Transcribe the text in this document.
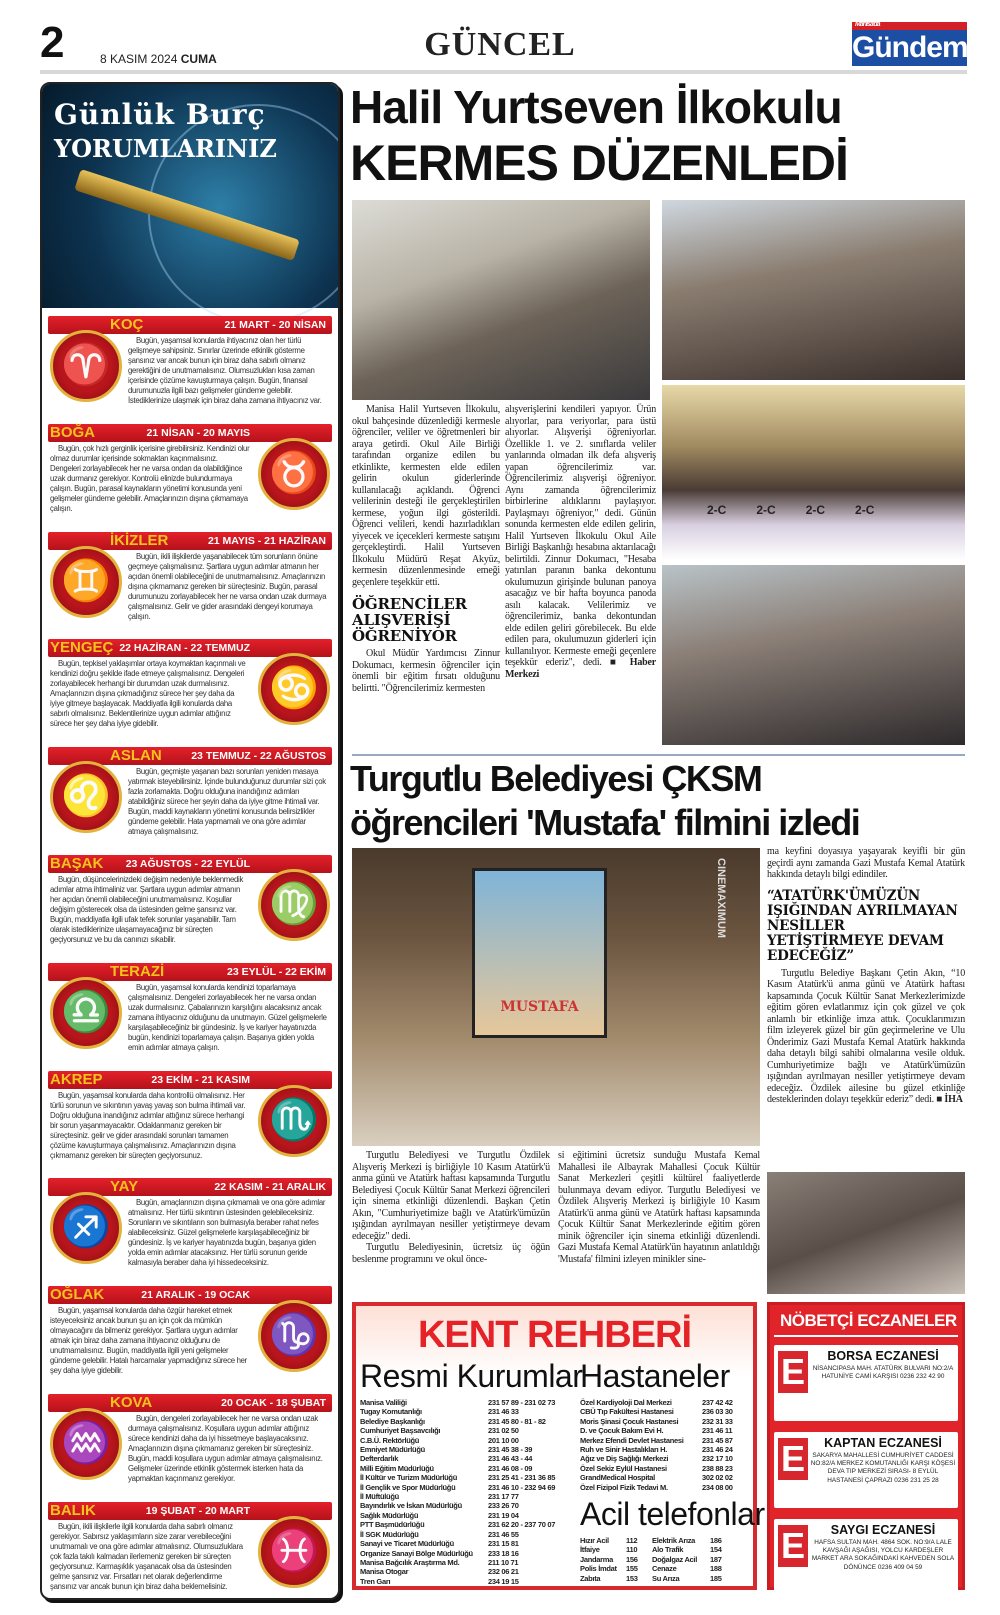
2	8 KASIM 2024 CUMA	GÜNCEL
Manisa'da
Gündem
Günlük Burç
YORUMLARINIZ
KOÇ	21 MART - 20 NİSAN
♈
Bugün, yaşamsal konularda ihtiyacınız olan her türlü gelişmeye sahipsiniz. Sınırlar üzerinde etkinlik gösterme şansınız var ancak bunun için biraz daha sabırlı olmanız gerektiğini de unutmamalısınız. Olumsuzlukları kısa zaman içerisinde çözüme kavuşturmaya çalışın. Bugün, finansal durumunuzla ilgili bazı gelişmeler gündeme gelebilir. İstediklerinize ulaşmak için biraz daha zamana ihtiyacınız var.
BOĞA	21 NİSAN - 20 MAYIS
♉
Bugün, çok hızlı gerginlik içerisine girebilirsiniz. Kendinizi olur olmaz durumlar içerisinde sokmaktan kaçınmalısınız. Dengeleri zorlayabilecek her ne varsa ondan da olabildiğince uzak durmanız gerekiyor. Kontrolü elinizde bulundurmaya çalışın. Bugün, parasal kaynakların yönetimi konusunda yeni gelişmeler gündeme gelebilir. Amaçlarınızın dışına çıkmamaya çalışın.
İKİZLER	21 MAYIS - 21 HAZİRAN
♊
Bugün, ikili ilişkilerde yaşanabilecek tüm sorunların önüne geçmeye çalışmalısınız. Şartlara uygun adımlar atmanın her açıdan önemli olabileceğini de unutmamalısınız. Amaçlarınızın dışına çıkmamanız gereken bir süreçtesiniz. Bugün, parasal durumunuzu zorlayabilecek her ne varsa ondan uzak durmaya çalışmalısınız. Gelir ve gider arasındaki dengeyi korumaya çalışın.
YENGEÇ 22 HAZİRAN - 22 TEMMUZ
♋
Bugün, tepkisel yaklaşımlar ortaya koymaktan kaçınmalı ve kendinizi doğru şekilde ifade etmeye çalışmalısınız. Dengeleri zorlayabilecek herhangi bir durumdan uzak durmalısınız. Amaçlarınızın dışına çıkmadığınız sürece her şey daha da iyiye gitmeye başlayacak. Maddiyatla ilgili konularda daha sabırlı olmalısınız. Beklentilerinize uygun adımlar attığınız sürece her şey daha iyiye gidebilir.
ASLAN	23 TEMMUZ - 22 AĞUSTOS
♌
Bugün, geçmişte yaşanan bazı sorunları yeniden masaya yatırmak isteyebilirsiniz. İçinde bulunduğunuz durumlar sizi çok fazla zorlamakta. Doğru olduğuna inandığınız adımları atabildiğiniz sürece her şeyin daha da iyiye gitme ihtimali var. Bugün, maddi kaynakların yönetimi konusunda belirsizlikler gündeme gelebilir. Hata yapmamalı ve ona göre adımlar atmaya çalışmalısınız.
BAŞAK 23 AĞUSTOS - 22 EYLÜL
♍
Bugün, düşüncelerinizdeki değişim nedeniyle beklenmedik adımlar atma ihtimaliniz var. Şartlara uygun adımlar atmanın her açıdan önemli olabileceğini unutmamalısınız. Koşullar değişim gösterecek olsa da üstesinden gelme şansınız var. Bugün, maddiyatla ilgili ufak tefek sorunlar yaşanabilir. Tam olarak istediklerinize ulaşamayacağınız bir süreçten geçiyorsunuz ve bu da canınızı sıkabilir.
TERAZİ	23 EYLÜL - 22 EKİM
♎
Bugün, yaşamsal konularda kendinizi toparlamaya çalışmalısınız. Dengeleri zorlayabilecek her ne varsa ondan uzak durmalısınız. Çabalarınızın karşılığını alacaksınız ancak zamana ihtiyacınız olduğunu da unutmayın. Güzel gelişmelerle karşılaşabileceğiniz bir gündesiniz. İş ve kariyer hayatınızda bugün, kendinizi toparlamaya çalışın. Başarıya giden yolda emin adımlar atmaya çalışın.
AKREP	23 EKİM - 21 KASIM
♏
Bugün, yaşamsal konularda daha kontrollü olmalısınız. Her türlü sorunun ve sıkıntının yavaş yavaş son bulma ihtimali var. Doğru olduğuna inandığınız adımlar attığınız sürece herhangi bir sorun yaşanmayacaktır. Odaklanmanız gereken bir süreçtesiniz. gelir ve gider arasındaki sorunları tamamen çözüme kavuşturmaya çalışmalısınız. Amaçlarınızın dışına çıkmamanız gereken bir süreçten geçiyorsunuz.
YAY	22 KASIM - 21 ARALIK
♐
Bugün, amaçlarınızın dışına çıkmamalı ve ona göre adımlar atmalısınız. Her türlü sıkıntının üstesinden gelebileceksiniz. Sorunların ve sıkıntıların son bulmasıyla beraber rahat nefes alabileceksiniz. Güzel gelişmelerle karşılaşabileceğiniz bir gündesiniz. İş ve kariyer hayatınızda bugün, başarıya giden yolda emin adımlar atacaksınız. Her türlü sorunun geride kalmasıyla beraber daha iyi hissedeceksiniz.
OĞLAK	21 ARALIK - 19 OCAK
♑
Bugün, yaşamsal konularda daha özgür hareket etmek isteyeceksiniz ancak bunun şu an için çok da mümkün olmayacağını da bilmeniz gerekiyor. Şartlara uygun adımlar atmak için biraz daha zamana ihtiyacınız olduğunu de unutmamalısınız. Bugün, maddiyatla ilgili yeni gelişmeler gündeme gelebilir. Hatalı harcamalar yapmadığınız sürece her şey daha iyiye gidebilir.
KOVA	20 OCAK - 18 ŞUBAT
♒
Bugün, dengeleri zorlayabilecek her ne varsa ondan uzak durmaya çalışmalısınız. Koşullara uygun adımlar attığınız sürece kendinizi daha da iyi hissetmeye başlayacaksınız. Amaçlarınızın dışına çıkmamanız gereken bir süreçtesiniz. Bugün, maddi koşullara uygun adımlar atmaya çalışmalısınız. Gelişmeler üzerinde etkinlik göstermek isterken hata da yapmaktan kaçınmanız gerekiyor.
BALIK	19 ŞUBAT - 20 MART
♓
Bugün, ikili ilişkilerle ilgili konularda daha sabırlı olmanız gerekiyor. Sabırsız yaklaşımların size zarar verebileceğini unutmamalı ve ona göre adımlar atmalısınız. Olumsuzluklara çok fazla takılı kalmadan ilerlemeniz gereken bir süreçten geçiyorsunuz. Karmaşıklık yaşanacak olsa da üstesinden gelme şansınız var. Fırsatları net olarak değerlendirme şansınız var ancak bunun için biraz daha beklemelisiniz.
Halil Yurtseven İlkokulu
KERMES DÜZENLEDİ
2-C	2-C	2-C	2-C

Manisa Halil Yurtseven İlkokulu, okul bahçesinde düzenlediği kermesle öğrenciler, veliler ve öğretmenleri bir araya getirdi. Okul Aile Birliği tarafından organize edilen bu etkinlikte, kermesten elde edilen gelirin okulun giderlerinde kullanılacağı açıklandı. Öğrenci velilerinin desteği ile gerçekleştirilen kermese, yoğun ilgi gösterildi. Öğrenci velileri, kendi hazırladıkları yiyecek ve içecekleri kermeste satışını gerçekleştirdi. Halil Yurtseven İlkokulu Müdürü Reşat Akyüz, kermesin düzenlenmesinde emeği geçenlere teşekkür etti.

ÖĞRENCİLER ALIŞVERİŞİ ÖĞRENİYOR

Okul Müdür Yardımcısı Zinnur Dokumacı, kermesin öğrenciler için önemli bir eğitim fırsatı olduğunu belirtti. "Öğrencilerimiz kermesten

alışverişlerini kendileri yapıyor. Ürün alıyorlar, para veriyorlar, para üstü alıyorlar. Alışverişi öğreniyorlar. Özellikle 1. ve 2. sınıflarda veliler yanlarında olmadan ilk defa alışveriş yapan öğrencilerimiz var. Öğrencilerimiz alışverişi öğreniyor. Aynı zamanda öğrencilerimiz birbirlerine aldıklarını paylaşıyor. Paylaşmayı öğreniyor," dedi. Günün sonunda kermesten elde edilen gelirin, Halil Yurtseven İlkokulu Okul Aile Birliği Başkanlığı hesabına aktarılacağı belirtildi. Zinnur Dokumacı, "Hesaba yatırılan paranın banka dekontunu okulumuzun girişinde bulunan panoya asacağız ve bir hafta boyunca panoda asılı kalacak. Velilerimiz ve öğrencilerimiz, banka dekontundan elde edilen geliri görebilecek. Bu elde edilen para, okulumuzun giderleri için kullanılıyor. Kermeste emeği geçenlere teşekkür ederiz", dedi. ■ Haber Merkezi

Turgutlu Belediyesi ÇKSM
öğrencileri 'Mustafa' filmini izledi
MUSTAFA
CINEMAXIMUM

Turgutlu Belediyesi ve Turgutlu Özdilek Alışveriş Merkezi iş birliğiyle 10 Kasım Atatürk'ü anma günü ve Atatürk haftası kapsamında Turgutlu Belediyesi Çocuk Kültür Sanat Merkezi öğrencileri için sinema etkinliği düzenlendi. Başkan Çetin Akın, "Cumhuriyetimize bağlı ve Atatürk'ümüzün ışığından ayrılmayan nesiller yetiştirmeye devam edeceğiz" dedi.

Turgutlu Belediyesinin, ücretsiz üç öğün beslenme programını ve okul önce-

si eğitimini ücretsiz sunduğu Mustafa Kemal Mahallesi ile Albayrak Mahallesi Çocuk Kültür Sanat Merkezleri çeşitli kültürel faaliyetlerde bulunmaya devam ediyor. Turgutlu Belediyesi ve Özdilek Alışveriş Merkezi iş birliğiyle 10 Kasım Atatürk'ü anma günü ve Atatürk haftası kapsamında Çocuk Kültür Sanat Merkezlerinde eğitim gören minik öğrenciler için sinema etkinliği düzenlendi. Gazi Mustafa Kemal Atatürk'ün hayatının anlatıldığı 'Mustafa' filmini izleyen minikler sine-

ma keyfini doyasıya yaşayarak keyifli bir gün geçirdi aynı zamanda Gazi Mustafa Kemal Atatürk hakkında detaylı bilgi edindiler.

“ATATÜRK'ÜMÜZÜN IŞIĞINDAN AYRILMAYAN NESİLLER YETİŞTİRMEYE DEVAM EDECEĞİZ”

Turgutlu Belediye Başkanı Çetin Akın, “10 Kasım Atatürk'ü anma günü ve Atatürk haftası kapsamında Çocuk Kültür Sanat Merkezlerimizde eğitim gören evlatlarımız için çok güzel ve çok anlamlı bir etkinliğe imza attık. Çocuklarımızın film izleyerek güzel bir gün geçirmelerine ve Ulu Önderimiz Gazi Mustafa Kemal Atatürk hakkında daha detaylı bilgi sahibi olmalarına vesile olduk. Cumhuriyetimize bağlı ve Atatürk'ümüzün ışığından ayrılmayan nesiller yetiştirmeye devam edeceğiz. Özdilek ailesine bu güzel etkinliğe desteklerinden dolayı teşekkür ederiz” dedi. ■ İHA

KENT REHBERİ
Resmi Kurumlar
Hastaneler
Acil telefonlar
Manisa Valiliği	231 57 89 - 231 02 73
Tugay Komutanlığı	231 46 33
Belediye Başkanlığı	231 45 80 - 81 - 82
Cumhuriyet Başsavcılığı	231 02 50
C.B.Ü. Rektörlüğü	201 10 00
Emniyet Müdürlüğü	231 45 38 - 39
Defterdarlık	231 46 43 - 44
Milli Eğitim Müdürlüğü	231 46 08 - 09
İl Kültür ve Turizm Müdürlüğü	231 25 41 - 231 36 85
İl Gençlik ve Spor Müdürlüğü	231 46 10 - 232 94 69
İl Müftülüğü	231 17 77
Bayındırlık ve İskan Müdürlüğü	233 26 70
Sağlık Müdürlüğü	231 19 04
PTT Başmüdürlüğü	231 62 20 - 237 70 07
İl SGK Müdürlüğü	231 46 55
Sanayi ve Ticaret Müdürlüğü	231 15 81
Organize Sanayi Bölge Müdürlüğü 233 18 16
Manisa Bağcılık Araştırma Md.	211 10 71
Manisa Otogar	232 06 21
Tren Garı	234 19 15
Özel Kardiyoloji Dal Merkezi	237 42 42
CBÜ Tıp Fakültesi Hastanesi	236 03 30
Moris Şinasi Çocuk Hastanesi	232 31 33
D. ve Çocuk Bakım Evi H.	231 46 11
Merkez Efendi Devlet Hastanesi 231 45 87
Ruh ve Sinir Hastalıkları H.	231 46 24
Ağız ve Diş Sağlığı Merkezi	232 17 10
Özel Sekiz Eylül Hastanesi	238 88 23
GrandMedical Hospital	302 02 02
Özel Fizipol Fizik Tedavi M.	234 08 00
Hızır Acil 112 Elektrik Arıza 186
İtfaiye	110 Alo Trafik	154
Jandarma 156 Doğalgaz Acil 187
Polis İmdat 155 Cenaze	188
Zabıta	153 Su Arıza	185
NÖBETÇİ ECZANELER
E	BORSA ECZANESİ
NİSANCIPASA MAH. ATATÜRK BULVARI NO:2/A HATUNİYE CAMİ KARŞISI 0236 232 42 90
E	KAPTAN ECZANESİ
SAKARYA MAHALLESİ CUMHURİYET CADDESİ NO:82/A MERKEZ KOMUTANLIĞI KARŞI KÖŞESİ DEVA TIP MERKEZİ SIRASI- 8 EYLÜL HASTANESİ ÇAPRAZI 0236 231 25 28
E	SAYGI ECZANESİ
HAFSA SULTAN MAH. 4864 SOK. NO:9/A LALE KAVŞAĞI AŞAĞISI, YOLCU KARDEŞLER MARKET ARA SOKAĞINDAKİ KAHVEDEN SOLA DÖNÜNCE 0236 409 04 59
